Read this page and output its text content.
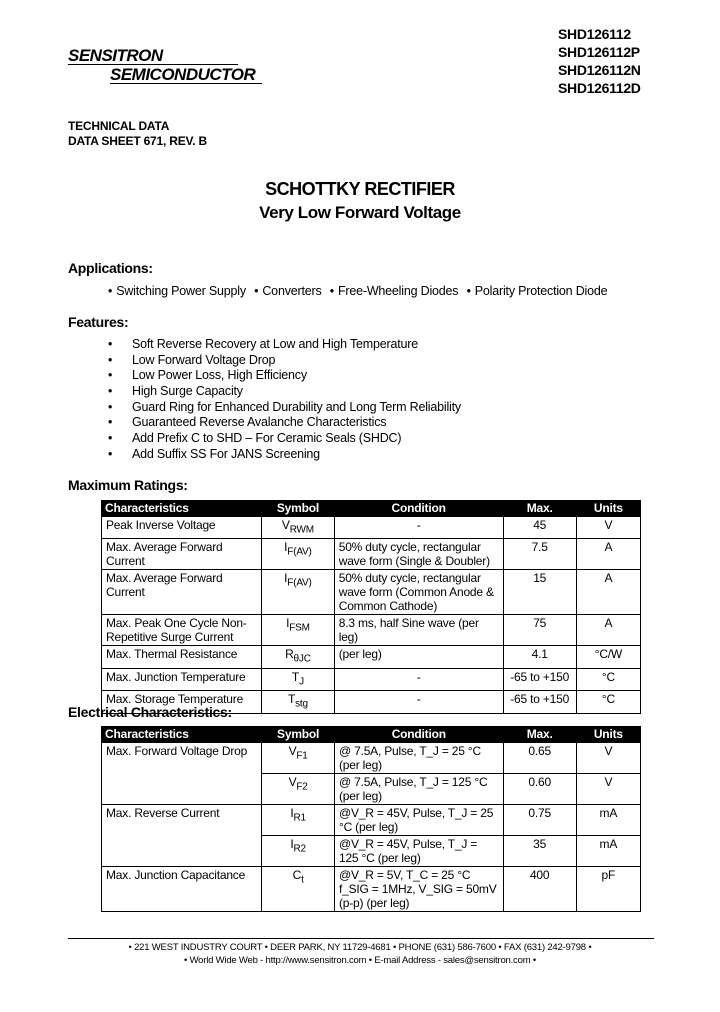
SENSITRON
SEMICONDUCTOR
SHD126112
SHD126112P
SHD126112N
SHD126112D
TECHNICAL DATA
DATA SHEET 671, REV. B
SCHOTTKY RECTIFIER
Very Low Forward Voltage
Applications:
• Switching Power Supply • Converters • Free-Wheeling Diodes • Polarity Protection Diode
Features:
• Soft Reverse Recovery at Low and High Temperature
• Low Forward Voltage Drop
• Low Power Loss, High Efficiency
• High Surge Capacity
• Guard Ring for Enhanced Durability and Long Term Reliability
• Guaranteed Reverse Avalanche Characteristics
• Add Prefix C to SHD – For Ceramic Seals (SHDC)
• Add Suffix SS For JANS Screening
Maximum Ratings:
Characteristics	Symbol	Condition	Max.	Units
Peak Inverse Voltage	$V_{RWM}$	-	45	V
Max. Average Forward Current	$I_{F(AV)}$	50% duty cycle, rectangular wave form (Single & Doubler)	7.5	A
Max. Average Forward Current	$I_{F(AV)}$	50% duty cycle, rectangular wave form (Common Anode & Common Cathode)	15	A
Max. Peak One Cycle Non-Repetitive Surge Current	$I_{FSM}$	8.3 ms, half Sine wave (per leg)	75	A
Max. Thermal Resistance	$R_{\theta JC}$	(per leg)	4.1	°C/W
Max. Junction Temperature	$T_J$	-	-65 to +150	°C
Max. Storage Temperature	$T_{stg}$	-	-65 to +150	°C
Electrical Characteristics:
Characteristics	Symbol	Condition	Max.	Units
Max. Forward Voltage Drop	$V_{F1}$	@ 7.5A, Pulse, T_J = 25 °C (per leg)	0.65	V
	$V_{F2}$	@ 7.5A, Pulse, T_J = 125 °C (per leg)	0.60	V
Max. Reverse Current	$I_{R1}$	@V_R = 45V, Pulse, T_J = 25 °C (per leg)	0.75	mA
	$I_{R2}$	@V_R = 45V, Pulse, T_J = 125 °C (per leg)	35	mA
Max. Junction Capacitance	$C_t$	@V_R = 5V, T_C = 25 °C f_SIG = 1MHz, V_SIG = 50mV (p-p) (per leg)	400	pF
• 221 WEST INDUSTRY COURT • DEER PARK, NY 11729-4681 • PHONE (631) 586-7600 • FAX (631) 242-9798 •
• World Wide Web - http://www.sensitron.com • E-mail Address - sales@sensitron.com •
